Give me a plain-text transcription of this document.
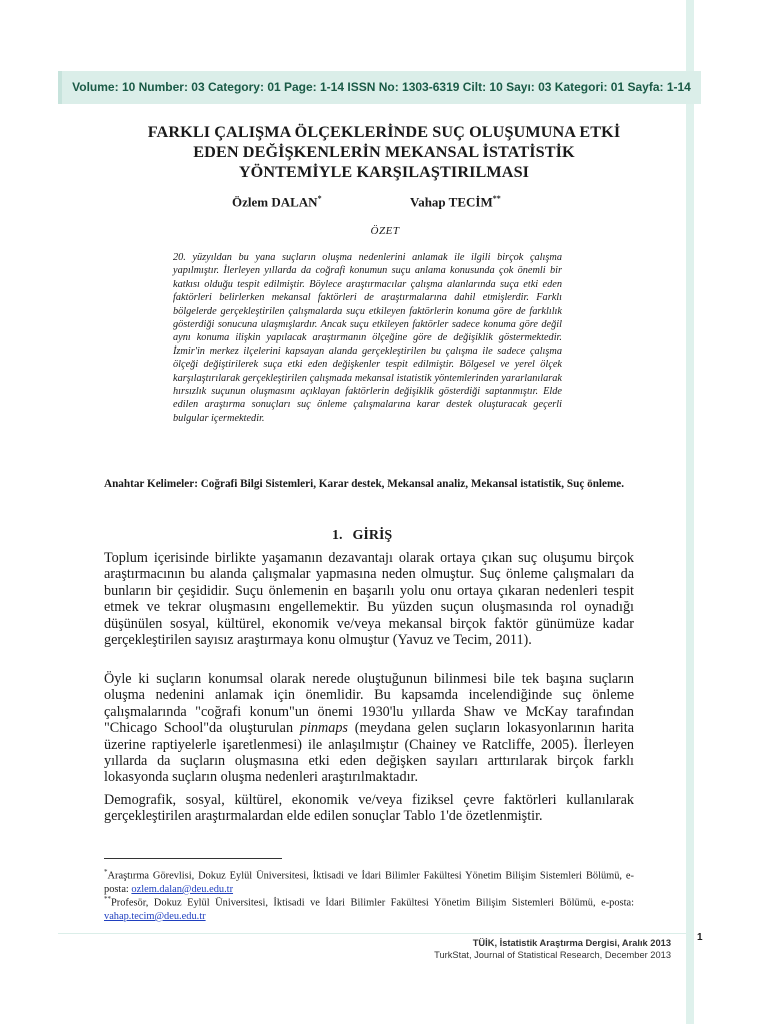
Volume: 10 Number: 03 Category: 01 Page: 1-14 ISSN No: 1303-6319 Cilt: 10 Sayı: 03 Kategori: 01 Sayfa: 1-14
FARKLI ÇALIŞMA ÖLÇEKLERİNDE SUÇ OLUŞUMUNA ETKİ
EDEN DEĞİŞKENLERİN MEKANSAL İSTATİSTİK
YÖNTEMİYLE KARŞILAŞTIRILMASI
Özlem DALAN*	Vahap TECİM**
ÖZET
20. yüzyıldan bu yana suçların oluşma nedenlerini anlamak ile ilgili birçok çalışma yapılmıştır. İlerleyen yıllarda da coğrafi konumun suçu anlama konusunda çok önemli bir katkısı olduğu tespit edilmiştir. Böylece araştırmacılar çalışma alanlarında suça etki eden faktörleri belirlerken mekansal faktörleri de araştırmalarına dahil etmişlerdir. Farklı bölgelerde gerçekleştirilen çalışmalarda suçu etkileyen faktörlerin konuma göre de farklılık gösterdiği sonucuna ulaşmışlardır. Ancak suçu etkileyen faktörler sadece konuma göre değil aynı konuma ilişkin yapılacak araştırmanın ölçeğine göre de değişiklik göstermektedir. İzmir'in merkez ilçelerini kapsayan alanda gerçekleştirilen bu çalışma ile sadece çalışma ölçeği değiştirilerek suça etki eden değişkenler tespit edilmiştir. Bölgesel ve yerel ölçek karşılaştırılarak gerçekleştirilen çalışmada mekansal istatistik yöntemlerinden yararlanılarak hırsızlık suçunun oluşmasını açıklayan faktörlerin değişiklik gösterdiği saptanmıştır. Elde edilen araştırma sonuçları suç önleme çalışmalarına karar destek oluşturacak geçerli bulgular içermektedir.
Anahtar Kelimeler: Coğrafi Bilgi Sistemleri, Karar destek, Mekansal analiz, Mekansal istatistik, Suç önleme.
1. GİRİŞ
Toplum içerisinde birlikte yaşamanın dezavantajı olarak ortaya çıkan suç oluşumu birçok araştırmacının bu alanda çalışmalar yapmasına neden olmuştur. Suç önleme çalışmaları da bunların bir çeşididir. Suçu önlemenin en başarılı yolu onu ortaya çıkaran nedenleri tespit etmek ve tekrar oluşmasını engellemektir. Bu yüzden suçun oluşmasında rol oynadığı düşünülen sosyal, kültürel, ekonomik ve/veya mekansal birçok faktör günümüze kadar gerçekleştirilen sayısız araştırmaya konu olmuştur (Yavuz ve Tecim, 2011).
Öyle ki suçların konumsal olarak nerede oluştuğunun bilinmesi bile tek başına suçların oluşma nedenini anlamak için önemlidir. Bu kapsamda incelendiğinde suç önleme çalışmalarında "coğrafi konum"un önemi 1930'lu yıllarda Shaw ve McKay tarafından "Chicago School"da oluşturulan pinmaps (meydana gelen suçların lokasyonlarının harita üzerine raptiyelerle işaretlenmesi) ile anlaşılmıştır (Chainey ve Ratcliffe, 2005). İlerleyen yıllarda da suçların oluşmasına etki eden değişken sayıları arttırılarak birçok farklı lokasyonda suçların oluşma nedenleri araştırılmaktadır.
Demografik, sosyal, kültürel, ekonomik ve/veya fiziksel çevre faktörleri kullanılarak gerçekleştirilen araştırmalardan elde edilen sonuçlar Tablo 1'de özetlenmiştir.
*Araştırma Görevlisi, Dokuz Eylül Üniversitesi, İktisadi ve İdari Bilimler Fakültesi Yönetim Bilişim Sistemleri Bölümü, e-posta: ozlem.dalan@deu.edu.tr
**Profesör, Dokuz Eylül Üniversitesi, İktisadi ve İdari Bilimler Fakültesi Yönetim Bilişim Sistemleri Bölümü, e-posta: vahap.tecim@deu.edu.tr
1
TÜİK, İstatistik Araştırma Dergisi, Aralık 2013
TurkStat, Journal of Statistical Research, December 2013
